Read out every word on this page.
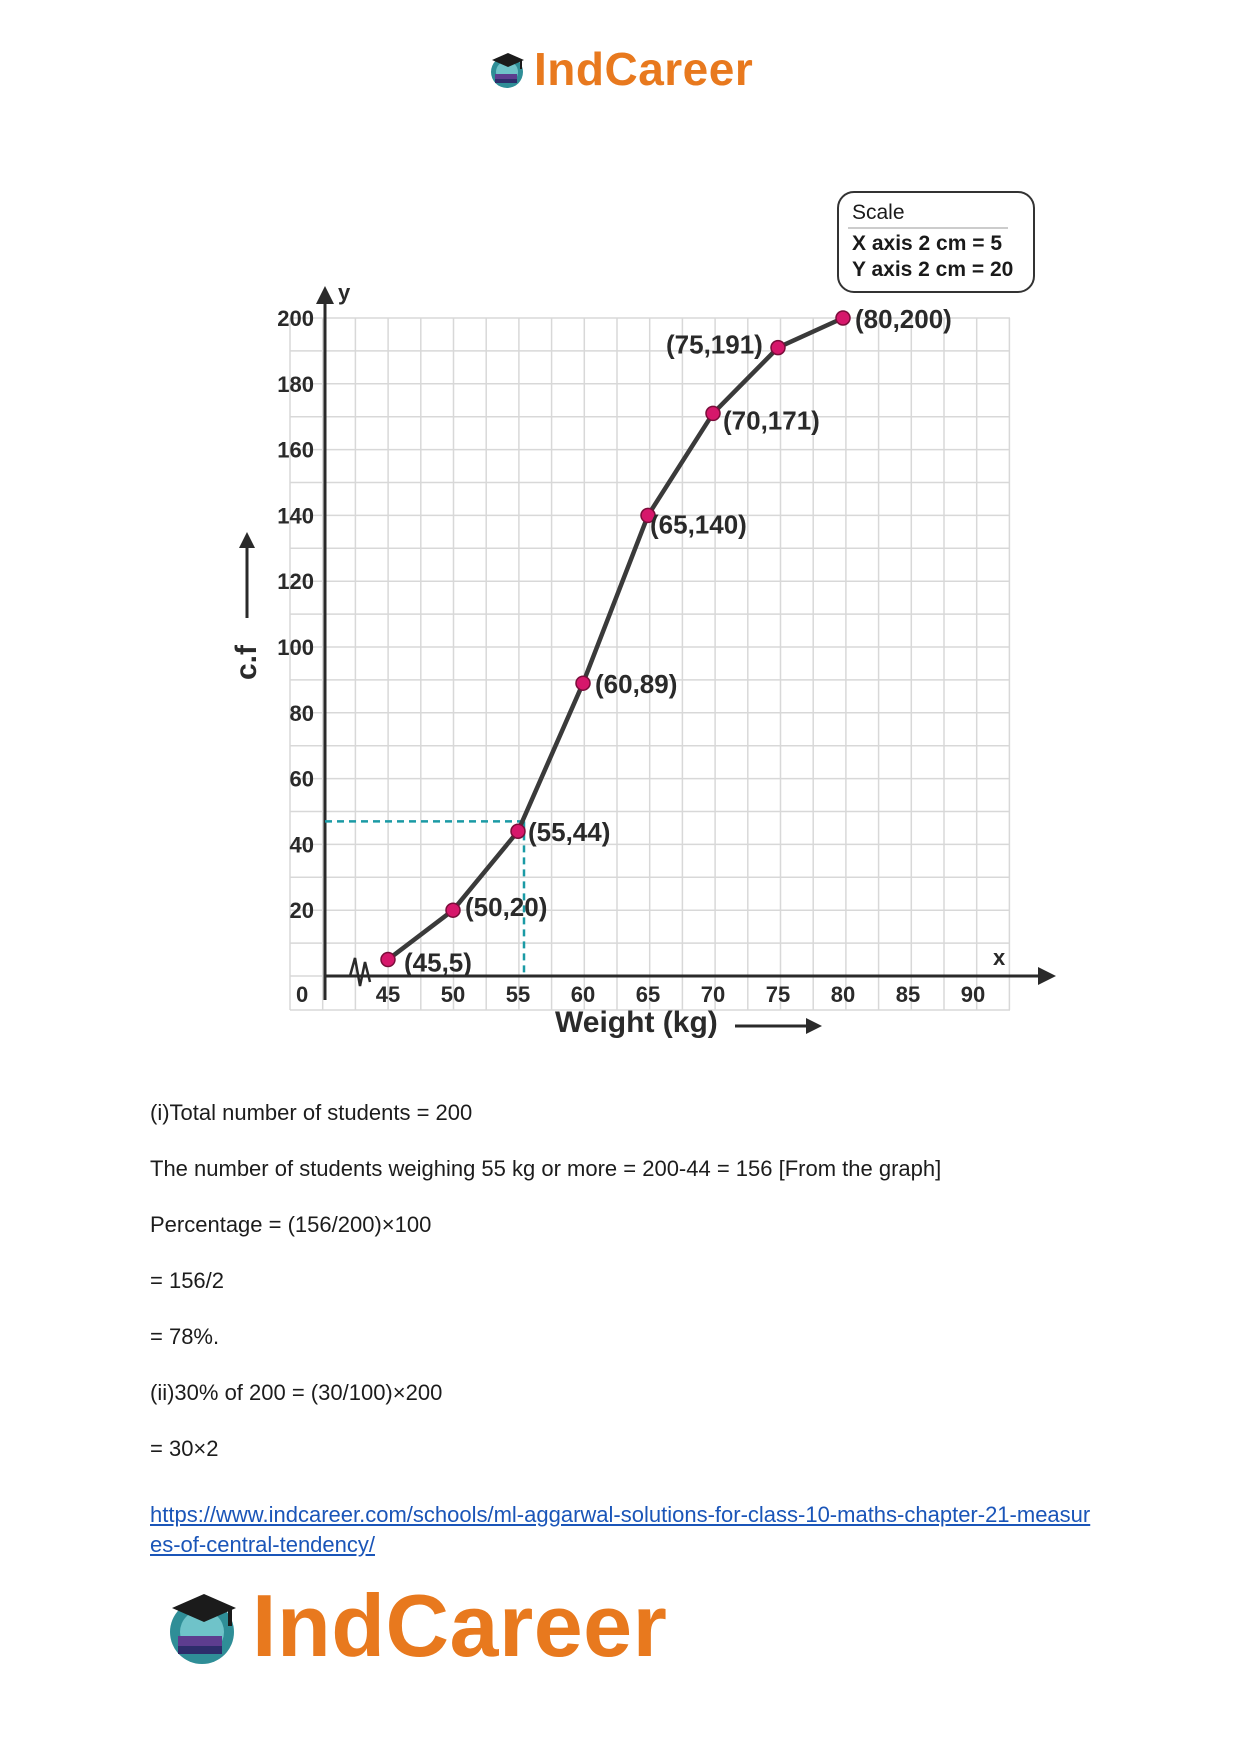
IndCareer
x
y
0	45 50 55 60 65 70 75 80 85 90
20
40
60
80
100
120
140
160
180
200
(45,5)
(50,20)
(55,44)
(60,89)
(65,140)
(70,171)
(75,191)
(80,200)
Scale
X axis 2 cm = 5
Y axis 2 cm = 20
Weight (kg)
c.f

(i)Total number of students = 200

The number of students weighing 55 kg or more = 200-44 = 156 [From the graph]

Percentage = (156/200)×100

= 156/2

= 78%.

(ii)30% of 200 = (30/100)×200

= 30×2

https://www.indcareer.com/schools/ml-aggarwal-solutions-for-class-10-maths-chapter-21-measures-of-central-tendency/
IndCareer
